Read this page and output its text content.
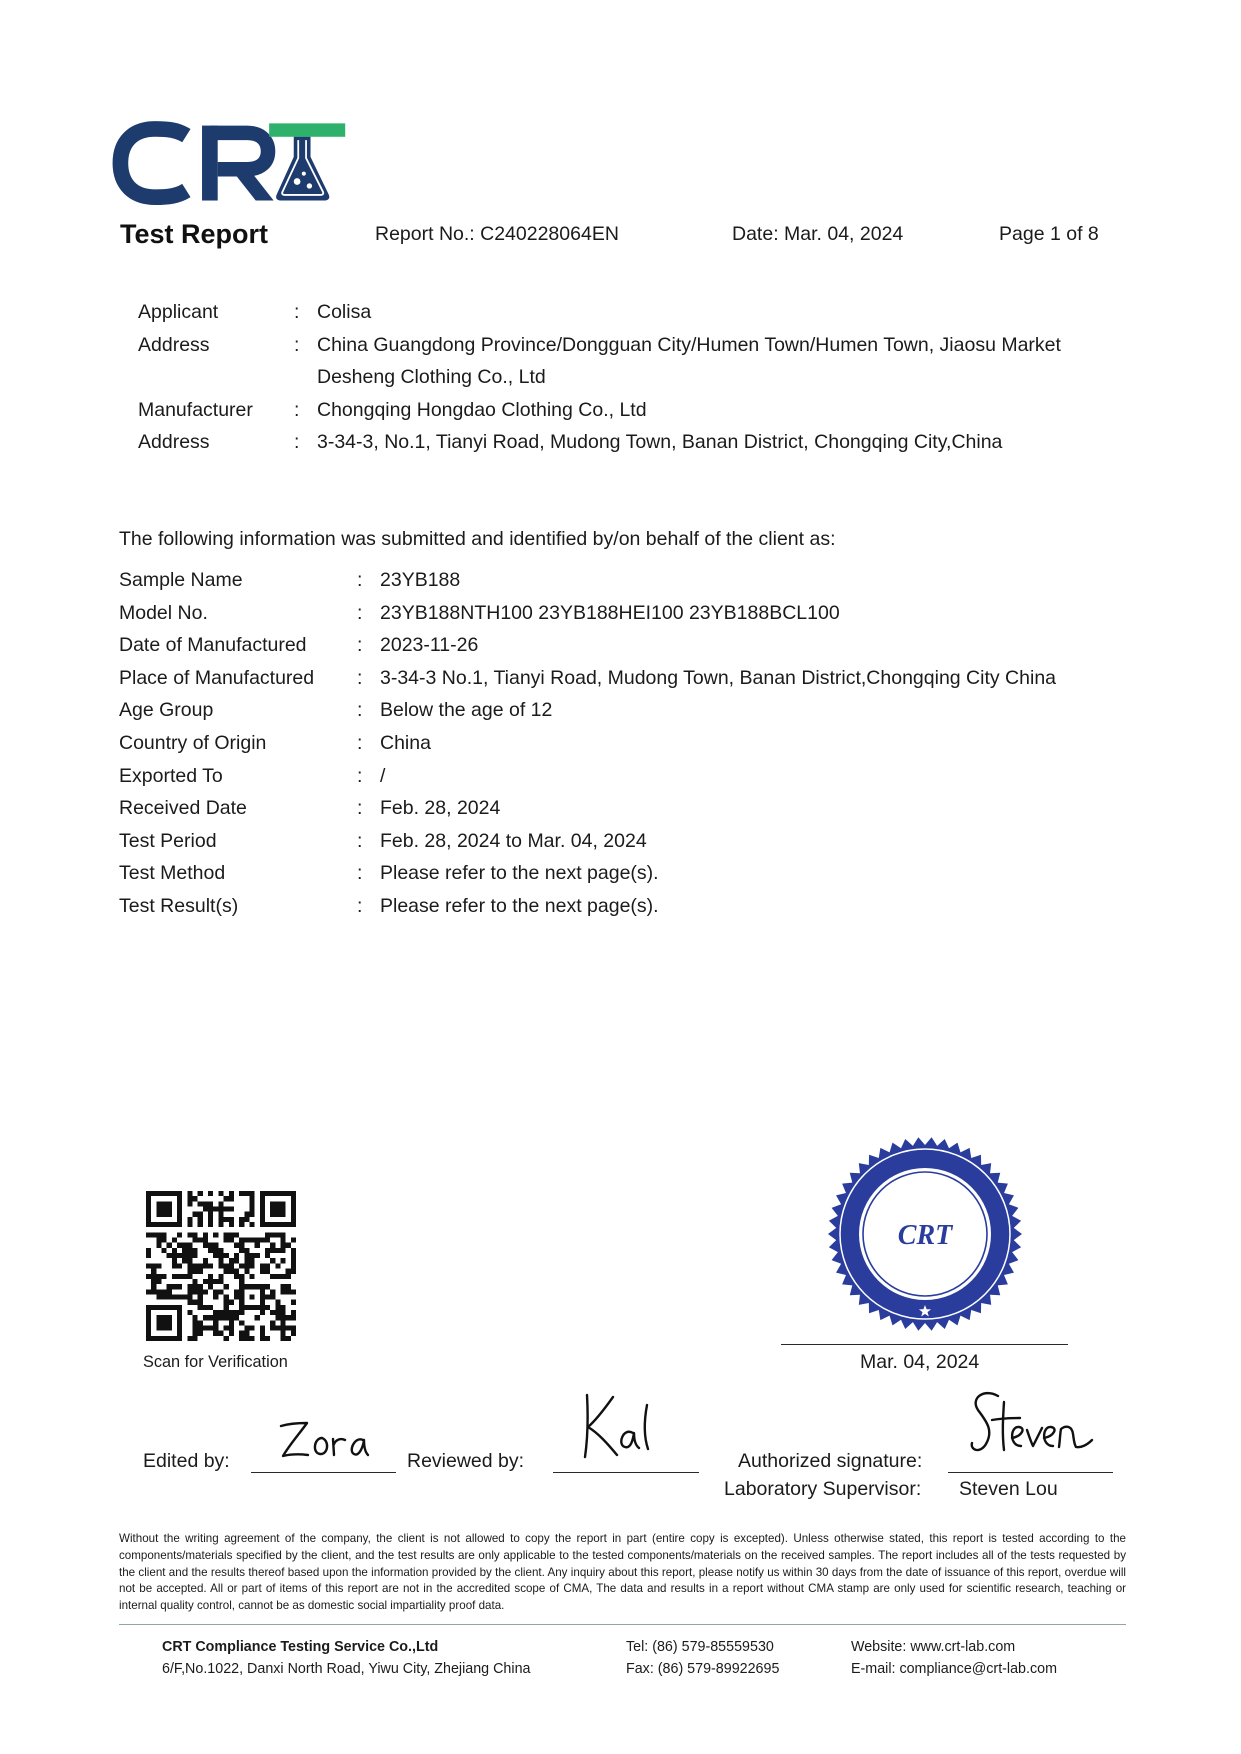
Test Report	Report No.: C240228064EN	Date: Mar. 04, 2024	Page 1 of 8
Applicant	: Colisa
Address	: China Guangdong Province/Dongguan City/Humen Town/Humen Town, Jiaosu Market Desheng Clothing Co., Ltd
Manufacturer : Chongqing Hongdao Clothing Co., Ltd
Address	: 3-34-3, No.1, Tianyi Road, Mudong Town, Banan District, Chongqing City,China
The following information was submitted and identified by/on behalf of the client as:
Sample Name	: 23YB188
Model No.	: 23YB188NTH100 23YB188HEI100 23YB188BCL100
Date of Manufactured	: 2023-11-26
Place of Manufactured : 3-34-3 No.1, Tianyi Road, Mudong Town, Banan District,Chongqing City China
Age Group	: Below the age of 12
Country of Origin	: China
Exported To	: /
Received Date	: Feb. 28, 2024
Test Period	: Feb. 28, 2024 to Mar. 04, 2024
Test Method	: Please refer to the next page(s).
Test Result(s)	: Please refer to the next page(s).
Scan for Verification
CRT
Mar. 04, 2024
Edited by:	Reviewed by:	Authorized signature:
Laboratory Supervisor: Steven Lou
Without the writing agreement of the company, the client is not allowed to copy the report in part (entire copy is excepted). Unless otherwise stated, this report is tested according to the components/materials specified by the client, and the test results are only applicable to the tested components/materials on the received samples. The report includes all of the tests requested by the client and the results thereof based upon the information provided by the client. Any inquiry about this report, please notify us within 30 days from the date of issuance of this report, overdue will not be accepted. All or part of items of this report are not in the accredited scope of CMA, The data and results in a report without CMA stamp are only used for scientific research, teaching or internal quality control, cannot be as domestic social impartiality proof data.
CRT Compliance Testing Service Co.,Ltd
6/F,No.1022, Danxi North Road, Yiwu City, Zhejiang China
Tel: (86) 579-85559530
Fax: (86) 579-89922695
Website: www.crt-lab.com
E-mail: compliance@crt-lab.com
